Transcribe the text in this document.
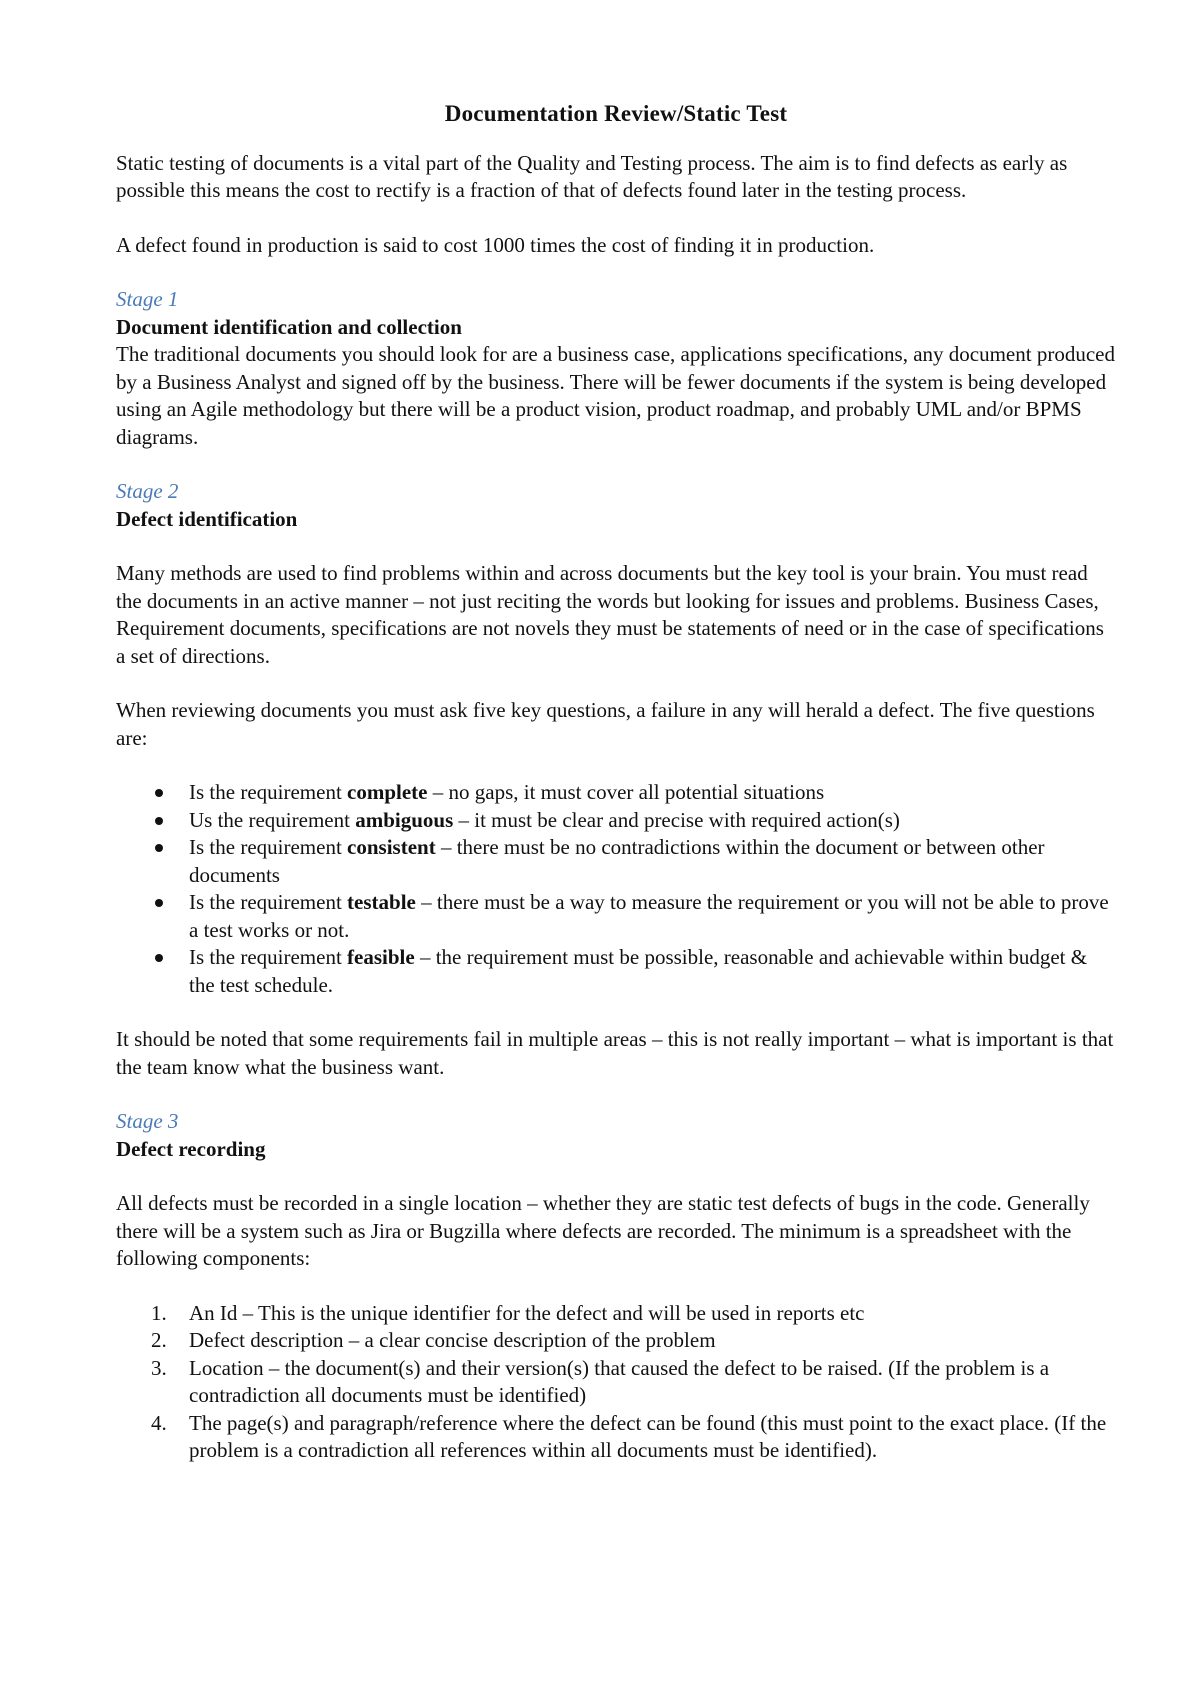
Documentation Review/Static Test

Static testing of documents is a vital part of the Quality and Testing process. The aim is to find defects as early as possible this means the cost to rectify is a fraction of that of defects found later in the testing process.

A defect found in production is said to cost 1000 times the cost of finding it in production.

Stage 1
Document identification and collection
The traditional documents you should look for are a business case, applications specifications, any document produced by a Business Analyst and signed off by the business. There will be fewer documents if the system is being developed using an Agile methodology but there will be a product vision, product roadmap, and probably UML and/or BPMS diagrams.
Stage 2
Defect identification

Many methods are used to find problems within and across documents but the key tool is your brain. You must read the documents in an active manner – not just reciting the words but looking for issues and problems. Business Cases, Requirement documents, specifications are not novels they must be statements of need or in the case of specifications a set of directions.

When reviewing documents you must ask five key questions, a failure in any will herald a defect. The five questions are:

Is the requirement complete – no gaps, it must cover all potential situations
Us the requirement ambiguous – it must be clear and precise with required action(s)
Is the requirement consistent – there must be no contradictions within the document or between other documents
Is the requirement testable – there must be a way to measure the requirement or you will not be able to prove a test works or not.
Is the requirement feasible – the requirement must be possible, reasonable and achievable within budget & the test schedule.

It should be noted that some requirements fail in multiple areas – this is not really important – what is important is that the team know what the business want.

Stage 3
Defect recording

All defects must be recorded in a single location – whether they are static test defects of bugs in the code. Generally there will be a system such as Jira or Bugzilla where defects are recorded. The minimum is a spreadsheet with the following components:

1. An Id – This is the unique identifier for the defect and will be used in reports etc
2. Defect description – a clear concise description of the problem
3. Location – the document(s) and their version(s) that caused the defect to be raised. (If the problem is a contradiction all documents must be identified)
4. The page(s) and paragraph/reference where the defect can be found (this must point to the exact place. (If the problem is a contradiction all references within all documents must be identified).
